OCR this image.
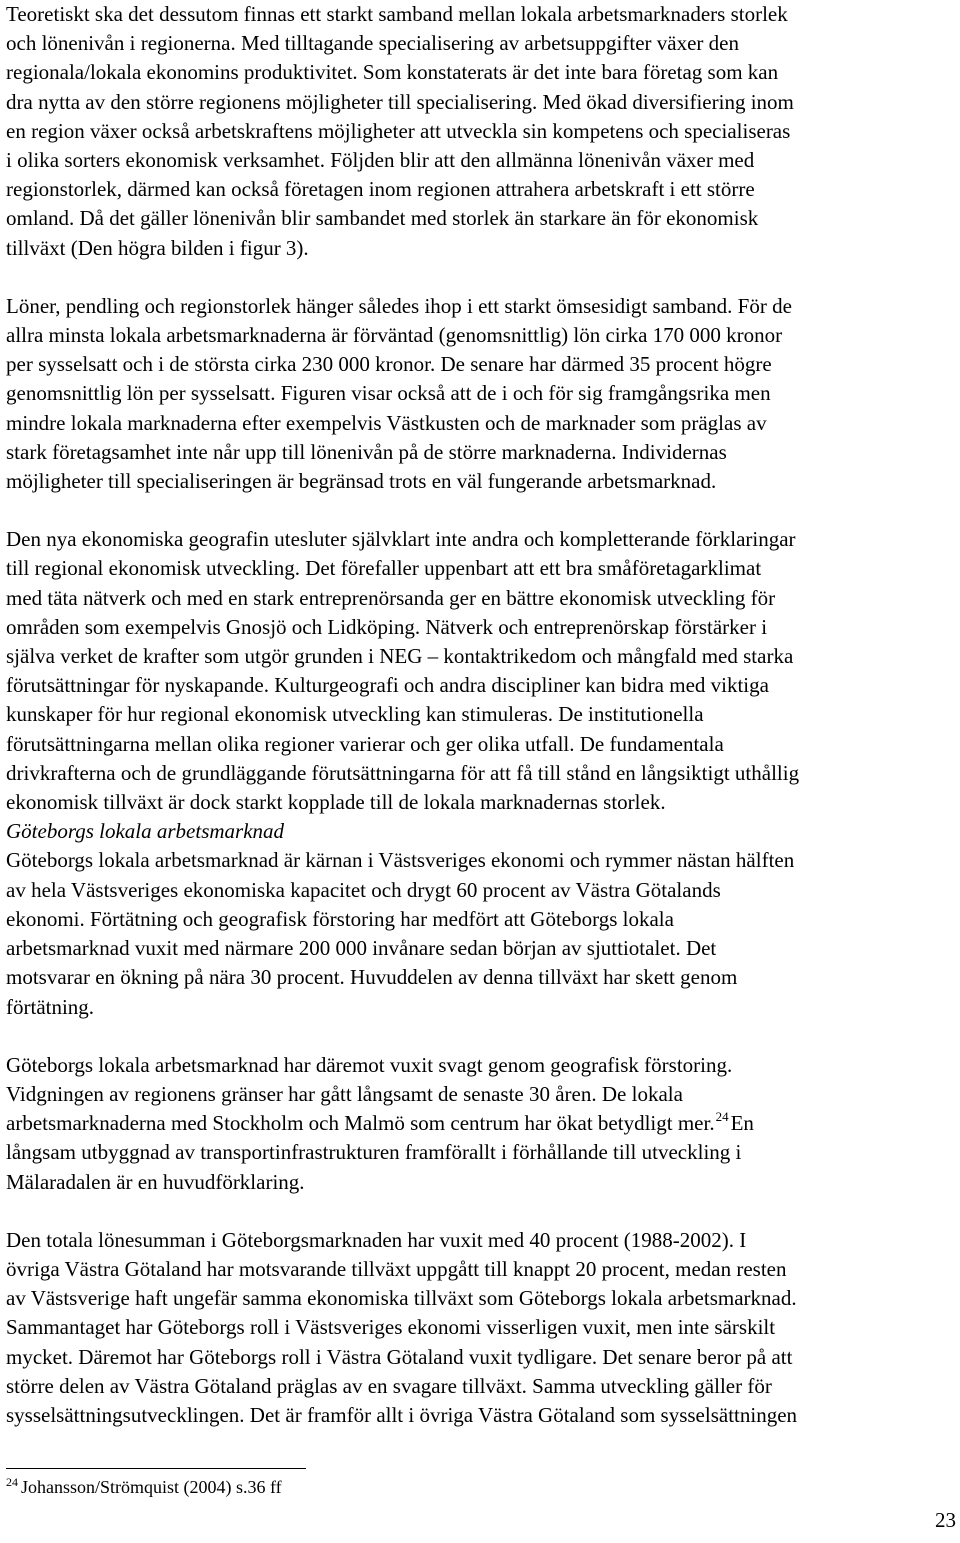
Teoretiskt ska det dessutom finnas ett starkt samband mellan lokala arbetsmarknaders storlek
och lönenivån i regionerna. Med tilltagande specialisering av arbetsuppgifter växer den
regionala/lokala ekonomins produktivitet. Som konstaterats är det inte bara företag som kan
dra nytta av den större regionens möjligheter till specialisering. Med ökad diversifiering inom
en region växer också arbetskraftens möjligheter att utveckla sin kompetens och specialiseras
i olika sorters ekonomisk verksamhet. Följden blir att den allmänna lönenivån växer med
regionstorlek, därmed kan också företagen inom regionen attrahera arbetskraft i ett större
omland. Då det gäller lönenivån blir sambandet med storlek än starkare än för ekonomisk
tillväxt (Den högra bilden i figur 3).

Löner, pendling och regionstorlek hänger således ihop i ett starkt ömsesidigt samband. För de
allra minsta lokala arbetsmarknaderna är förväntad (genomsnittlig) lön cirka 170 000 kronor
per sysselsatt och i de största cirka 230 000 kronor. De senare har därmed 35 procent högre
genomsnittlig lön per sysselsatt. Figuren visar också att de i och för sig framgångsrika men
mindre lokala marknaderna efter exempelvis Västkusten och de marknader som präglas av
stark företagsamhet inte når upp till lönenivån på de större marknaderna. Individernas
möjligheter till specialiseringen är begränsad trots en väl fungerande arbetsmarknad.

Den nya ekonomiska geografin utesluter självklart inte andra och kompletterande förklaringar
till regional ekonomisk utveckling. Det förefaller uppenbart att ett bra småföretagarklimat
med täta nätverk och med en stark entreprenörsanda ger en bättre ekonomisk utveckling för
områden som exempelvis Gnosjö och Lidköping. Nätverk och entreprenörskap förstärker i
själva verket de krafter som utgör grunden i NEG – kontaktrikedom och mångfald med starka
förutsättningar för nyskapande. Kulturgeografi och andra discipliner kan bidra med viktiga
kunskaper för hur regional ekonomisk utveckling kan stimuleras. De institutionella
förutsättningarna mellan olika regioner varierar och ger olika utfall. De fundamentala
drivkrafterna och de grundläggande förutsättningarna för att få till stånd en långsiktigt uthållig
ekonomisk tillväxt är dock starkt kopplade till de lokala marknadernas storlek.

Göteborgs lokala arbetsmarknad

Göteborgs lokala arbetsmarknad är kärnan i Västsveriges ekonomi och rymmer nästan hälften
av hela Västsveriges ekonomiska kapacitet och drygt 60 procent av Västra Götalands
ekonomi. Förtätning och geografisk förstoring har medfört att Göteborgs lokala
arbetsmarknad vuxit med närmare 200 000 invånare sedan början av sjuttiotalet. Det
motsvarar en ökning på nära 30 procent. Huvuddelen av denna tillväxt har skett genom
förtätning.

Göteborgs lokala arbetsmarknad har däremot vuxit svagt genom geografisk förstoring.
Vidgningen av regionens gränser har gått långsamt de senaste 30 åren. De lokala
arbetsmarknaderna med Stockholm och Malmö som centrum har ökat betydligt mer.$^{24}$En
långsam utbyggnad av transportinfrastrukturen framförallt i förhållande till utveckling i
Mälaradalen är en huvudförklaring.

Den totala lönesumman i Göteborgsmarknaden har vuxit med 40 procent (1988-2002). I
övriga Västra Götaland har motsvarande tillväxt uppgått till knappt 20 procent, medan resten
av Västsverige haft ungefär samma ekonomiska tillväxt som Göteborgs lokala arbetsmarknad.
Sammantaget har Göteborgs roll i Västsveriges ekonomi visserligen vuxit, men inte särskilt
mycket. Däremot har Göteborgs roll i Västra Götaland vuxit tydligare. Det senare beror på att
större delen av Västra Götaland präglas av en svagare tillväxt. Samma utveckling gäller för
sysselsättningsutvecklingen. Det är framför allt i övriga Västra Götaland som sysselsättningen

$^{24}$ Johansson/Strömquist (2004) s.36 ff
23
